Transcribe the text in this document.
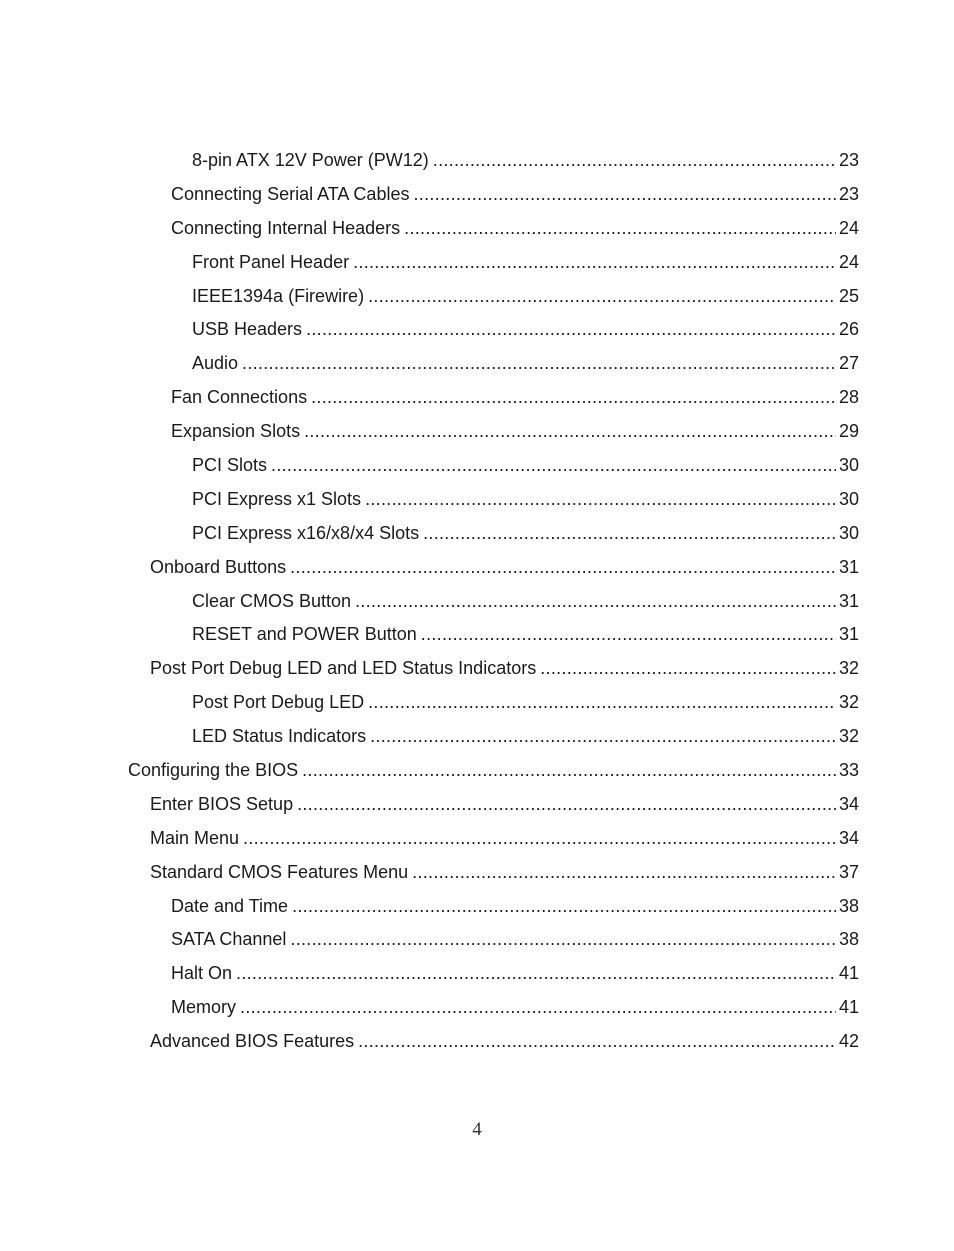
8-pin ATX 12V Power (PW12) .....	23
Connecting Serial ATA Cables .....	23
Connecting Internal Headers .....	24
Front Panel Header .....	24
IEEE1394a (Firewire) .....	25
USB Headers .....	26
Audio .....	27
Fan Connections .....	28
Expansion Slots .....	29
PCI Slots .....	30
PCI Express x1 Slots .....	30
PCI Express x16/x8/x4 Slots .....	30
Onboard Buttons .....	31
Clear CMOS Button .....	31
RESET and POWER Button .....	31
Post Port Debug LED and LED Status Indicators .....	32
Post Port Debug LED .....	32
LED Status Indicators .....	32
Configuring the BIOS .....	33
Enter BIOS Setup .....	34
Main Menu .....	34
Standard CMOS Features Menu .....	37
Date and Time .....	38
SATA Channel .....	38
Halt On .....	41
Memory .....	41
Advanced BIOS Features .....	42
4
